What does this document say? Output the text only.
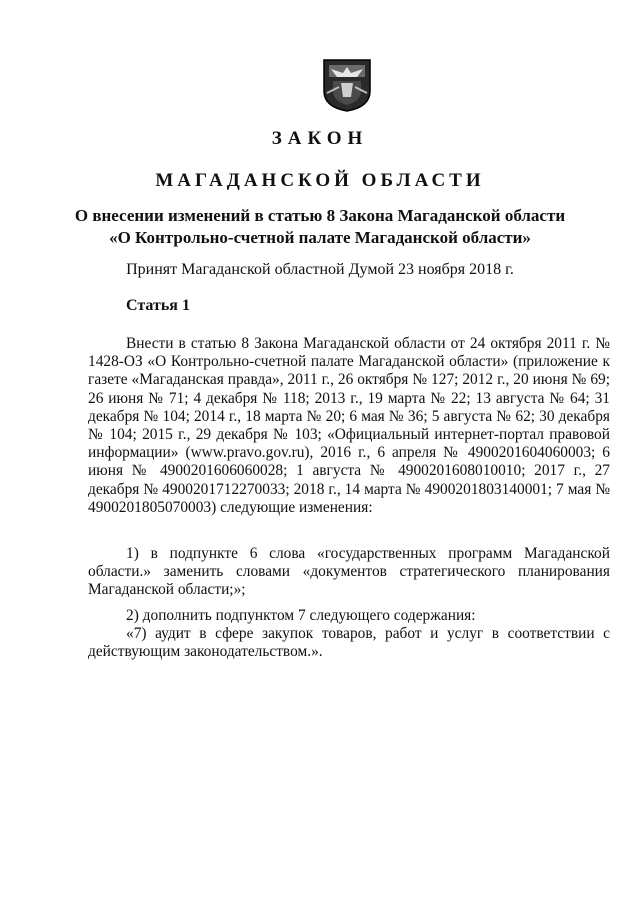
ЗАКОН
МАГАДАНСКОЙ ОБЛАСТИ
О внесении изменений в статью 8 Закона Магаданской области
«О Контрольно-счетной палате Магаданской области»
Принят Магаданской областной Думой 23 ноября 2018 г.
Статья 1

Внести в статью 8 Закона Магаданской области от 24 октября 2011 г. № 1428-ОЗ «О Контрольно-счетной палате Магаданской области» (приложение к газете «Магаданская правда», 2011 г., 26 октября № 127; 2012 г., 20 июня № 69; 26 июня № 71; 4 декабря № 118; 2013 г., 19 марта № 22; 13 августа № 64; 31 декабря № 104; 2014 г., 18 марта № 20; 6 мая № 36; 5 августа № 62; 30 декабря № 104; 2015 г., 29 декабря № 103; «Официальный интернет-портал правовой информации» (www.pravo.gov.ru), 2016 г., 6 апреля № 4900201604060003; 6 июня № 4900201606060028; 1 августа № 4900201608010010; 2017 г., 27 декабря № 4900201712270033; 2018 г., 14 марта № 4900201803140001; 7 мая № 4900201805070003) следующие изменения:

1) в подпункте 6 слова «государственных программ Магаданской области.» заменить словами «документов стратегического планирования Магаданской области;»;

2) дополнить подпунктом 7 следующего содержания:

«7) аудит в сфере закупок товаров, работ и услуг в соответствии с действующим законодательством.».
